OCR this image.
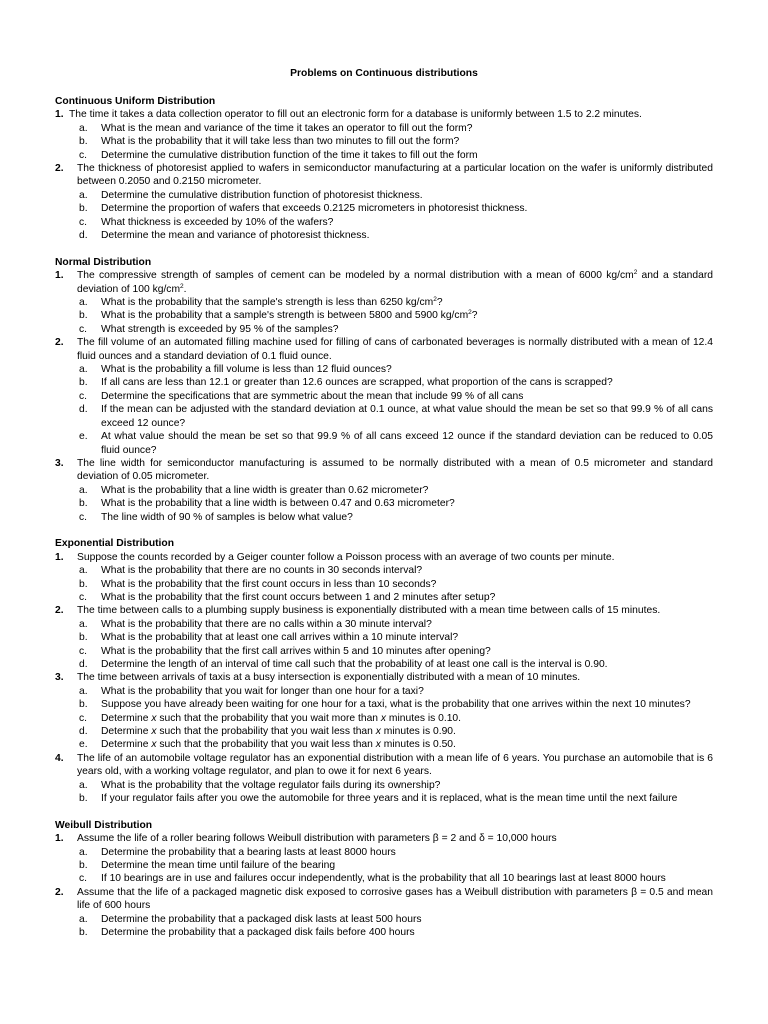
Problems on Continuous distributions
Continuous Uniform Distribution
1. The time it takes a data collection operator to fill out an electronic form for a database is uniformly between 1.5 to 2.2 minutes.
a. What is the mean and variance of the time it takes an operator to fill out the form?
b. What is the probability that it will take less than two minutes to fill out the form?
c. Determine the cumulative distribution function of the time it takes to fill out the form
2. The thickness of photoresist applied to wafers in semiconductor manufacturing at a particular location on the wafer is uniformly distributed between 0.2050 and 0.2150 micrometer.
a. Determine the cumulative distribution function of photoresist thickness.
b. Determine the proportion of wafers that exceeds 0.2125 micrometers in photoresist thickness.
c. What thickness is exceeded by 10% of the wafers?
d. Determine the mean and variance of photoresist thickness.
Normal Distribution
1. The compressive strength of samples of cement can be modeled by a normal distribution with a mean of 6000 $kg/cm^2$ and a standard deviation of 100 $kg/cm^2$.
a. What is the probability that the sample's strength is less than 6250 $kg/cm^2$?
b. What is the probability that a sample's strength is between 5800 and 5900 $kg/cm^2$?
c. What strength is exceeded by 95 % of the samples?
2. The fill volume of an automated filling machine used for filling of cans of carbonated beverages is normally distributed with a mean of 12.4 fluid ounces and a standard deviation of 0.1 fluid ounce.
a. What is the probability a fill volume is less than 12 fluid ounces?
b. If all cans are less than 12.1 or greater than 12.6 ounces are scrapped, what proportion of the cans is scrapped?
c. Determine the specifications that are symmetric about the mean that include 99 % of all cans
d. If the mean can be adjusted with the standard deviation at 0.1 ounce, at what value should the mean be set so that 99.9 % of all cans exceed 12 ounce?
e. At what value should the mean be set so that 99.9 % of all cans exceed 12 ounce if the standard deviation can be reduced to 0.05 fluid ounce?
3. The line width for semiconductor manufacturing is assumed to be normally distributed with a mean of 0.5 micrometer and standard deviation of 0.05 micrometer.
a. What is the probability that a line width is greater than 0.62 micrometer?
b. What is the probability that a line width is between 0.47 and 0.63 micrometer?
c. The line width of 90 % of samples is below what value?
Exponential Distribution
1. Suppose the counts recorded by a Geiger counter follow a Poisson process with an average of two counts per minute.
a. What is the probability that there are no counts in 30 seconds interval?
b. What is the probability that the first count occurs in less than 10 seconds?
c. What is the probability that the first count occurs between 1 and 2 minutes after setup?
2. The time between calls to a plumbing supply business is exponentially distributed with a mean time between calls of 15 minutes.
a. What is the probability that there are no calls within a 30 minute interval?
b. What is the probability that at least one call arrives within a 10 minute interval?
c. What is the probability that the first call arrives within 5 and 10 minutes after opening?
d. Determine the length of an interval of time call such that the probability of at least one call is the interval is 0.90.
3. The time between arrivals of taxis at a busy intersection is exponentially distributed with a mean of 10 minutes.
a. What is the probability that you wait for longer than one hour for a taxi?
b. Suppose you have already been waiting for one hour for a taxi, what is the probability that one arrives within the next 10 minutes?
c. Determine x such that the probability that you wait more than x minutes is 0.10.
d. Determine x such that the probability that you wait less than x minutes is 0.90.
e. Determine x such that the probability that you wait less than x minutes is 0.50.
4. The life of an automobile voltage regulator has an exponential distribution with a mean life of 6 years. You purchase an automobile that is 6 years old, with a working voltage regulator, and plan to owe it for next 6 years.
a. What is the probability that the voltage regulator fails during its ownership?
b. If your regulator fails after you owe the automobile for three years and it is replaced, what is the mean time until the next failure
Weibull Distribution
1. Assume the life of a roller bearing follows Weibull distribution with parameters β = 2 and δ = 10,000 hours
a. Determine the probability that a bearing lasts at least 8000 hours
b. Determine the mean time until failure of the bearing
c. If 10 bearings are in use and failures occur independently, what is the probability that all 10 bearings last at least 8000 hours
2. Assume that the life of a packaged magnetic disk exposed to corrosive gases has a Weibull distribution with parameters β = 0.5 and mean life of 600 hours
a. Determine the probability that a packaged disk lasts at least 500 hours
b. Determine the probability that a packaged disk fails before 400 hours
